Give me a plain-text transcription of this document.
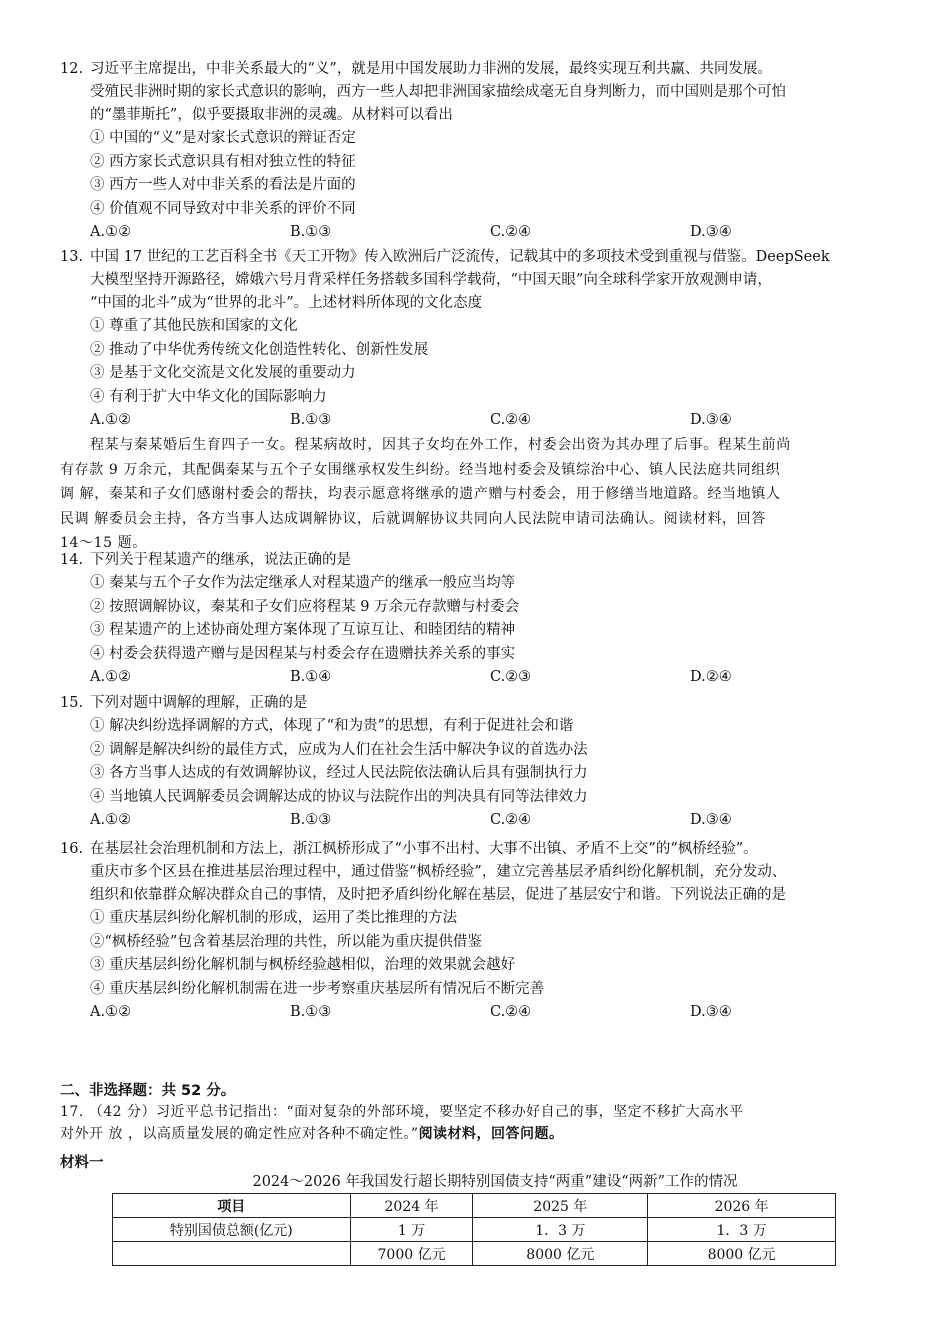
12. 习近平主席提出，中非关系最大的“义”，就是用中国发展助力非洲的发展，最终实现互利共赢、共同发展。
受殖民非洲时期的家长式意识的影响，西方一些人却把非洲国家描绘成毫无自身判断力，而中国则是那个可怕
的“墨菲斯托”，似乎要摄取非洲的灵魂。从材料可以看出
① 中国的“义”是对家长式意识的辩证否定
② 西方家长式意识具有相对独立性的特征
③ 西方一些人对中非关系的看法是片面的
④ 价值观不同导致对中非关系的评价不同
A.①②	B.①③	C.②④	D.③④
13. 中国 17 世纪的工艺百科全书《天工开物》传入欧洲后广泛流传，记载其中的多项技术受到重视与借鉴。DeepSeek
大模型坚持开源路径，嫦娥六号月背采样任务搭载多国科学载荷，“中国天眼”向全球科学家开放观测申请，
“中国的北斗”成为“世界的北斗”。上述材料所体现的文化态度
① 尊重了其他民族和国家的文化
② 推动了中华优秀传统文化创造性转化、创新性发展
③ 是基于文化交流是文化发展的重要动力
④ 有利于扩大中华文化的国际影响力
A.①②	B.①③	C.②④	D.③④
程某与秦某婚后生育四子一女。程某病故时，因其子女均在外工作，村委会出资为其办理了后事。程某生前尚
有存款 9 万余元，其配偶秦某与五个子女围继承权发生纠纷。经当地村委会及镇综治中心、镇人民法庭共同组织
调 解，秦某和子女们感谢村委会的帮扶，均表示愿意将继承的遗产赠与村委会，用于修缮当地道路。经当地镇人
民调 解委员会主持，各方当事人达成调解协议，后就调解协议共同向人民法院申请司法确认。阅读材料，回答
14～15 题。
14. 下列关于程某遗产的继承，说法正确的是
① 秦某与五个子女作为法定继承人对程某遗产的继承一般应当均等
② 按照调解协议，秦某和子女们应将程某 9 万余元存款赠与村委会
③ 程某遗产的上述协商处理方案体现了互谅互让、和睦团结的精神
④ 村委会获得遗产赠与是因程某与村委会存在遗赠扶养关系的事实
A.①②	B.①④	C.②③	D.②④
15. 下列对题中调解的理解，正确的是
① 解决纠纷选择调解的方式，体现了“和为贵”的思想，有利于促进社会和谐
② 调解是解决纠纷的最佳方式，应成为人们在社会生活中解决争议的首选办法
③ 各方当事人达成的有效调解协议，经过人民法院依法确认后具有强制执行力
④ 当地镇人民调解委员会调解达成的协议与法院作出的判决具有同等法律效力
A.①②	B.①③	C.②④	D.③④
16. 在基层社会治理机制和方法上，浙江枫桥形成了“小事不出村、大事不出镇、矛盾不上交”的“枫桥经验”。
重庆市多个区县在推进基层治理过程中，通过借鉴“枫桥经验”，建立完善基层矛盾纠纷化解机制，充分发动、
组织和依靠群众解决群众自己的事情，及时把矛盾纠纷化解在基层，促进了基层安宁和谐。下列说法正确的是
① 重庆基层纠纷化解机制的形成，运用了类比推理的方法
②“枫桥经验”包含着基层治理的共性，所以能为重庆提供借鉴
③ 重庆基层纠纷化解机制与枫桥经验越相似，治理的效果就会越好
④ 重庆基层纠纷化解机制需在进一步考察重庆基层所有情况后不断完善
A.①②	B.①③	C.②④	D.③④
二、非选择题：共 52 分。
17. （42 分）习近平总书记指出：“面对复杂的外部环境，要坚定不移办好自己的事，坚定不移扩大高水平
对外开 放 ，以高质量发展的确定性应对各种不确定性。”阅读材料，回答问题。
材料一
2024～2026 年我国发行超长期特别国债支持“两重”建设“两新”工作的情况
项目	2024 年	2025 年	2026 年
特别国债总额(亿元)	1 万	1．3 万	1．3 万
	7000 亿元	8000 亿元	8000 亿元
